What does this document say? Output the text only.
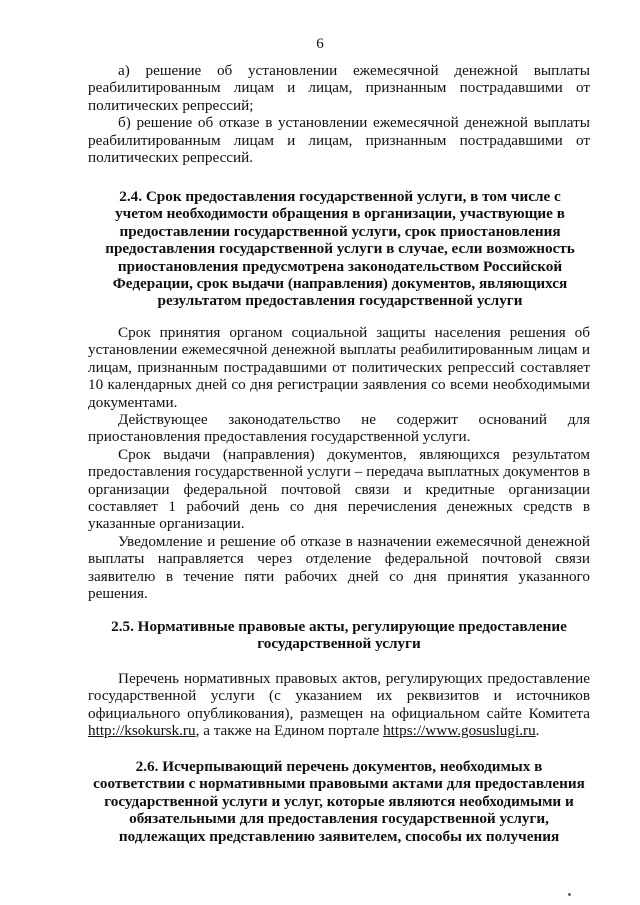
6

а) решение об установлении ежемесячной денежной выплаты реабилитированным лицам и лицам, признанным пострадавшими от политических репрессий;

б) решение об отказе в установлении ежемесячной денежной выплаты реабилитированным лицам и лицам, признанным пострадавшими от политических репрессий.

2.4. Срок предоставления государственной услуги, в том числе с учетом необходимости обращения в организации, участвующие в предоставлении государственной услуги, срок приостановления предоставления государственной услуги в случае, если возможность приостановления предусмотрена законодательством Российской Федерации, срок выдачи (направления) документов, являющихся результатом предоставления государственной услуги

Срок принятия органом социальной защиты населения решения об установлении ежемесячной денежной выплаты реабилитированным лицам и лицам, признанным пострадавшими от политических репрессий составляет 10 календарных дней со дня регистрации заявления со всеми необходимыми документами.

Действующее законодательство не содержит оснований для приостановления предоставления государственной услуги.

Срок выдачи (направления) документов, являющихся результатом предоставления государственной услуги – передача выплатных документов в организации федеральной почтовой связи и кредитные организации составляет 1 рабочий день со дня перечисления денежных средств в указанные организации.

Уведомление и решение об отказе в назначении ежемесячной денежной выплаты направляется через отделение федеральной почтовой связи заявителю в течение пяти рабочих дней со дня принятия указанного решения.

2.5. Нормативные правовые акты, регулирующие предоставление государственной услуги

Перечень нормативных правовых актов, регулирующих предоставление государственной услуги (с указанием их реквизитов и источников официального опубликования), размещен на официальном сайте Комитета http://ksokursk.ru, а также на Едином портале https://www.gosuslugi.ru.

2.6. Исчерпывающий перечень документов, необходимых в соответствии с нормативными правовыми актами для предоставления государственной услуги и услуг, которые являются необходимыми и обязательными для предоставления государственной услуги, подлежащих представлению заявителем, способы их получения
